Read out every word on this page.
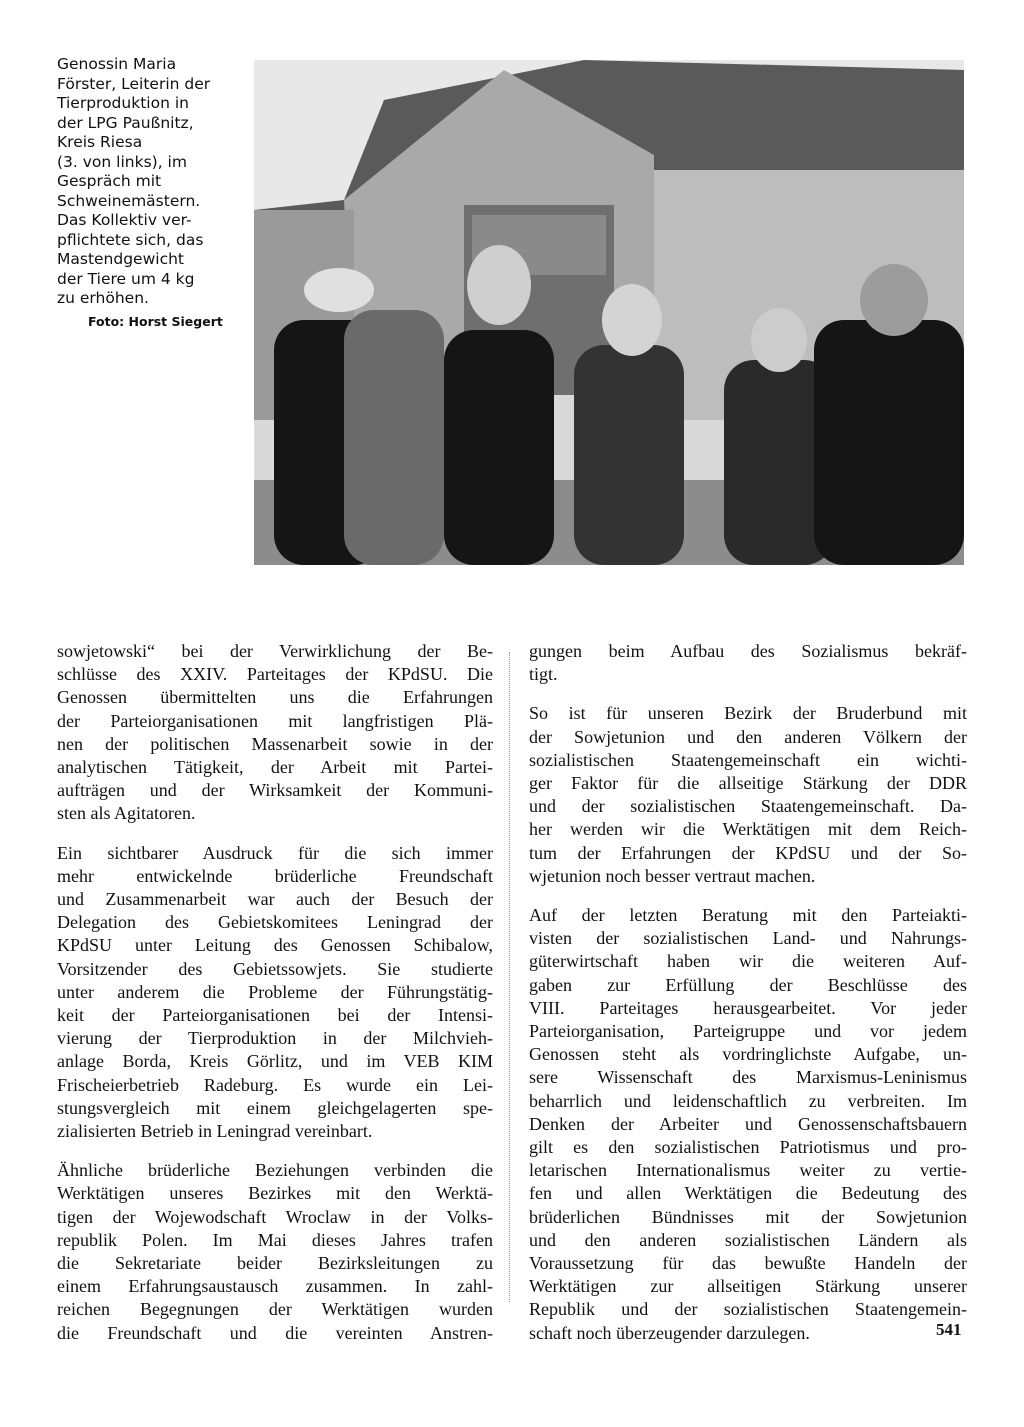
Genossin Maria
Förster, Leiterin der
Tierproduktion in
der LPG Paußnitz,
Kreis Riesa
(3. von links), im
Gespräch mit
Schweinemästern.
Das Kollektiv ver-
pflichtete sich, das
Mastendgewicht
der Tiere um 4 kg
zu erhöhen.
Foto: Horst Siegert

sowjetowski“ bei der Verwirklichung der Be-
schlüsse des XXIV. Parteitages der KPdSU. Die
Genossen übermittelten uns die Erfahrungen
der Parteiorganisationen mit langfristigen Plä-
nen der politischen Massenarbeit sowie in der
analytischen Tätigkeit, der Arbeit mit Partei-
aufträgen und der Wirksamkeit der Kommuni-
sten als Agitatoren.

Ein sichtbarer Ausdruck für die sich immer
mehr entwickelnde brüderliche Freundschaft
und Zusammenarbeit war auch der Besuch der
Delegation des Gebietskomitees Leningrad der
KPdSU unter Leitung des Genossen Schibalow,
Vorsitzender des Gebietssowjets. Sie studierte
unter anderem die Probleme der Führungstätig-
keit der Parteiorganisationen bei der Intensi-
vierung der Tierproduktion in der Milchvieh-
anlage Borda, Kreis Görlitz, und im VEB KIM
Frischeierbetrieb Radeburg. Es wurde ein Lei-
stungsvergleich mit einem gleichgelagerten spe-
zialisierten Betrieb in Leningrad vereinbart.

Ähnliche brüderliche Beziehungen verbinden die
Werktätigen unseres Bezirkes mit den Werktä-
tigen der Wojewodschaft Wroclaw in der Volks-
republik Polen. Im Mai dieses Jahres trafen
die Sekretariate beider Bezirksleitungen zu
einem Erfahrungsaustausch zusammen. In zahl-
reichen Begegnungen der Werktätigen wurden
die Freundschaft und die vereinten Anstren-

gungen beim Aufbau des Sozialismus bekräf-
tigt.

So ist für unseren Bezirk der Bruderbund mit
der Sowjetunion und den anderen Völkern der
sozialistischen Staatengemeinschaft ein wichti-
ger Faktor für die allseitige Stärkung der DDR
und der sozialistischen Staatengemeinschaft. Da-
her werden wir die Werktätigen mit dem Reich-
tum der Erfahrungen der KPdSU und der So-
wjetunion noch besser vertraut machen.

Auf der letzten Beratung mit den Parteiakti-
visten der sozialistischen Land- und Nahrungs-
güterwirtschaft haben wir die weiteren Auf-
gaben zur Erfüllung der Beschlüsse des
VIII. Parteitages herausgearbeitet. Vor jeder
Parteiorganisation, Parteigruppe und vor jedem
Genossen steht als vordringlichste Aufgabe, un-
sere Wissenschaft des Marxismus-Leninismus
beharrlich und leidenschaftlich zu verbreiten. Im
Denken der Arbeiter und Genossenschaftsbauern
gilt es den sozialistischen Patriotismus und pro-
letarischen Internationalismus weiter zu vertie-
fen und allen Werktätigen die Bedeutung des
brüderlichen Bündnisses mit der Sowjetunion
und den anderen sozialistischen Ländern als
Voraussetzung für das bewußte Handeln der
Werktätigen zur allseitigen Stärkung unserer
Republik und der sozialistischen Staatengemein-
schaft noch überzeugender darzulegen.	541
